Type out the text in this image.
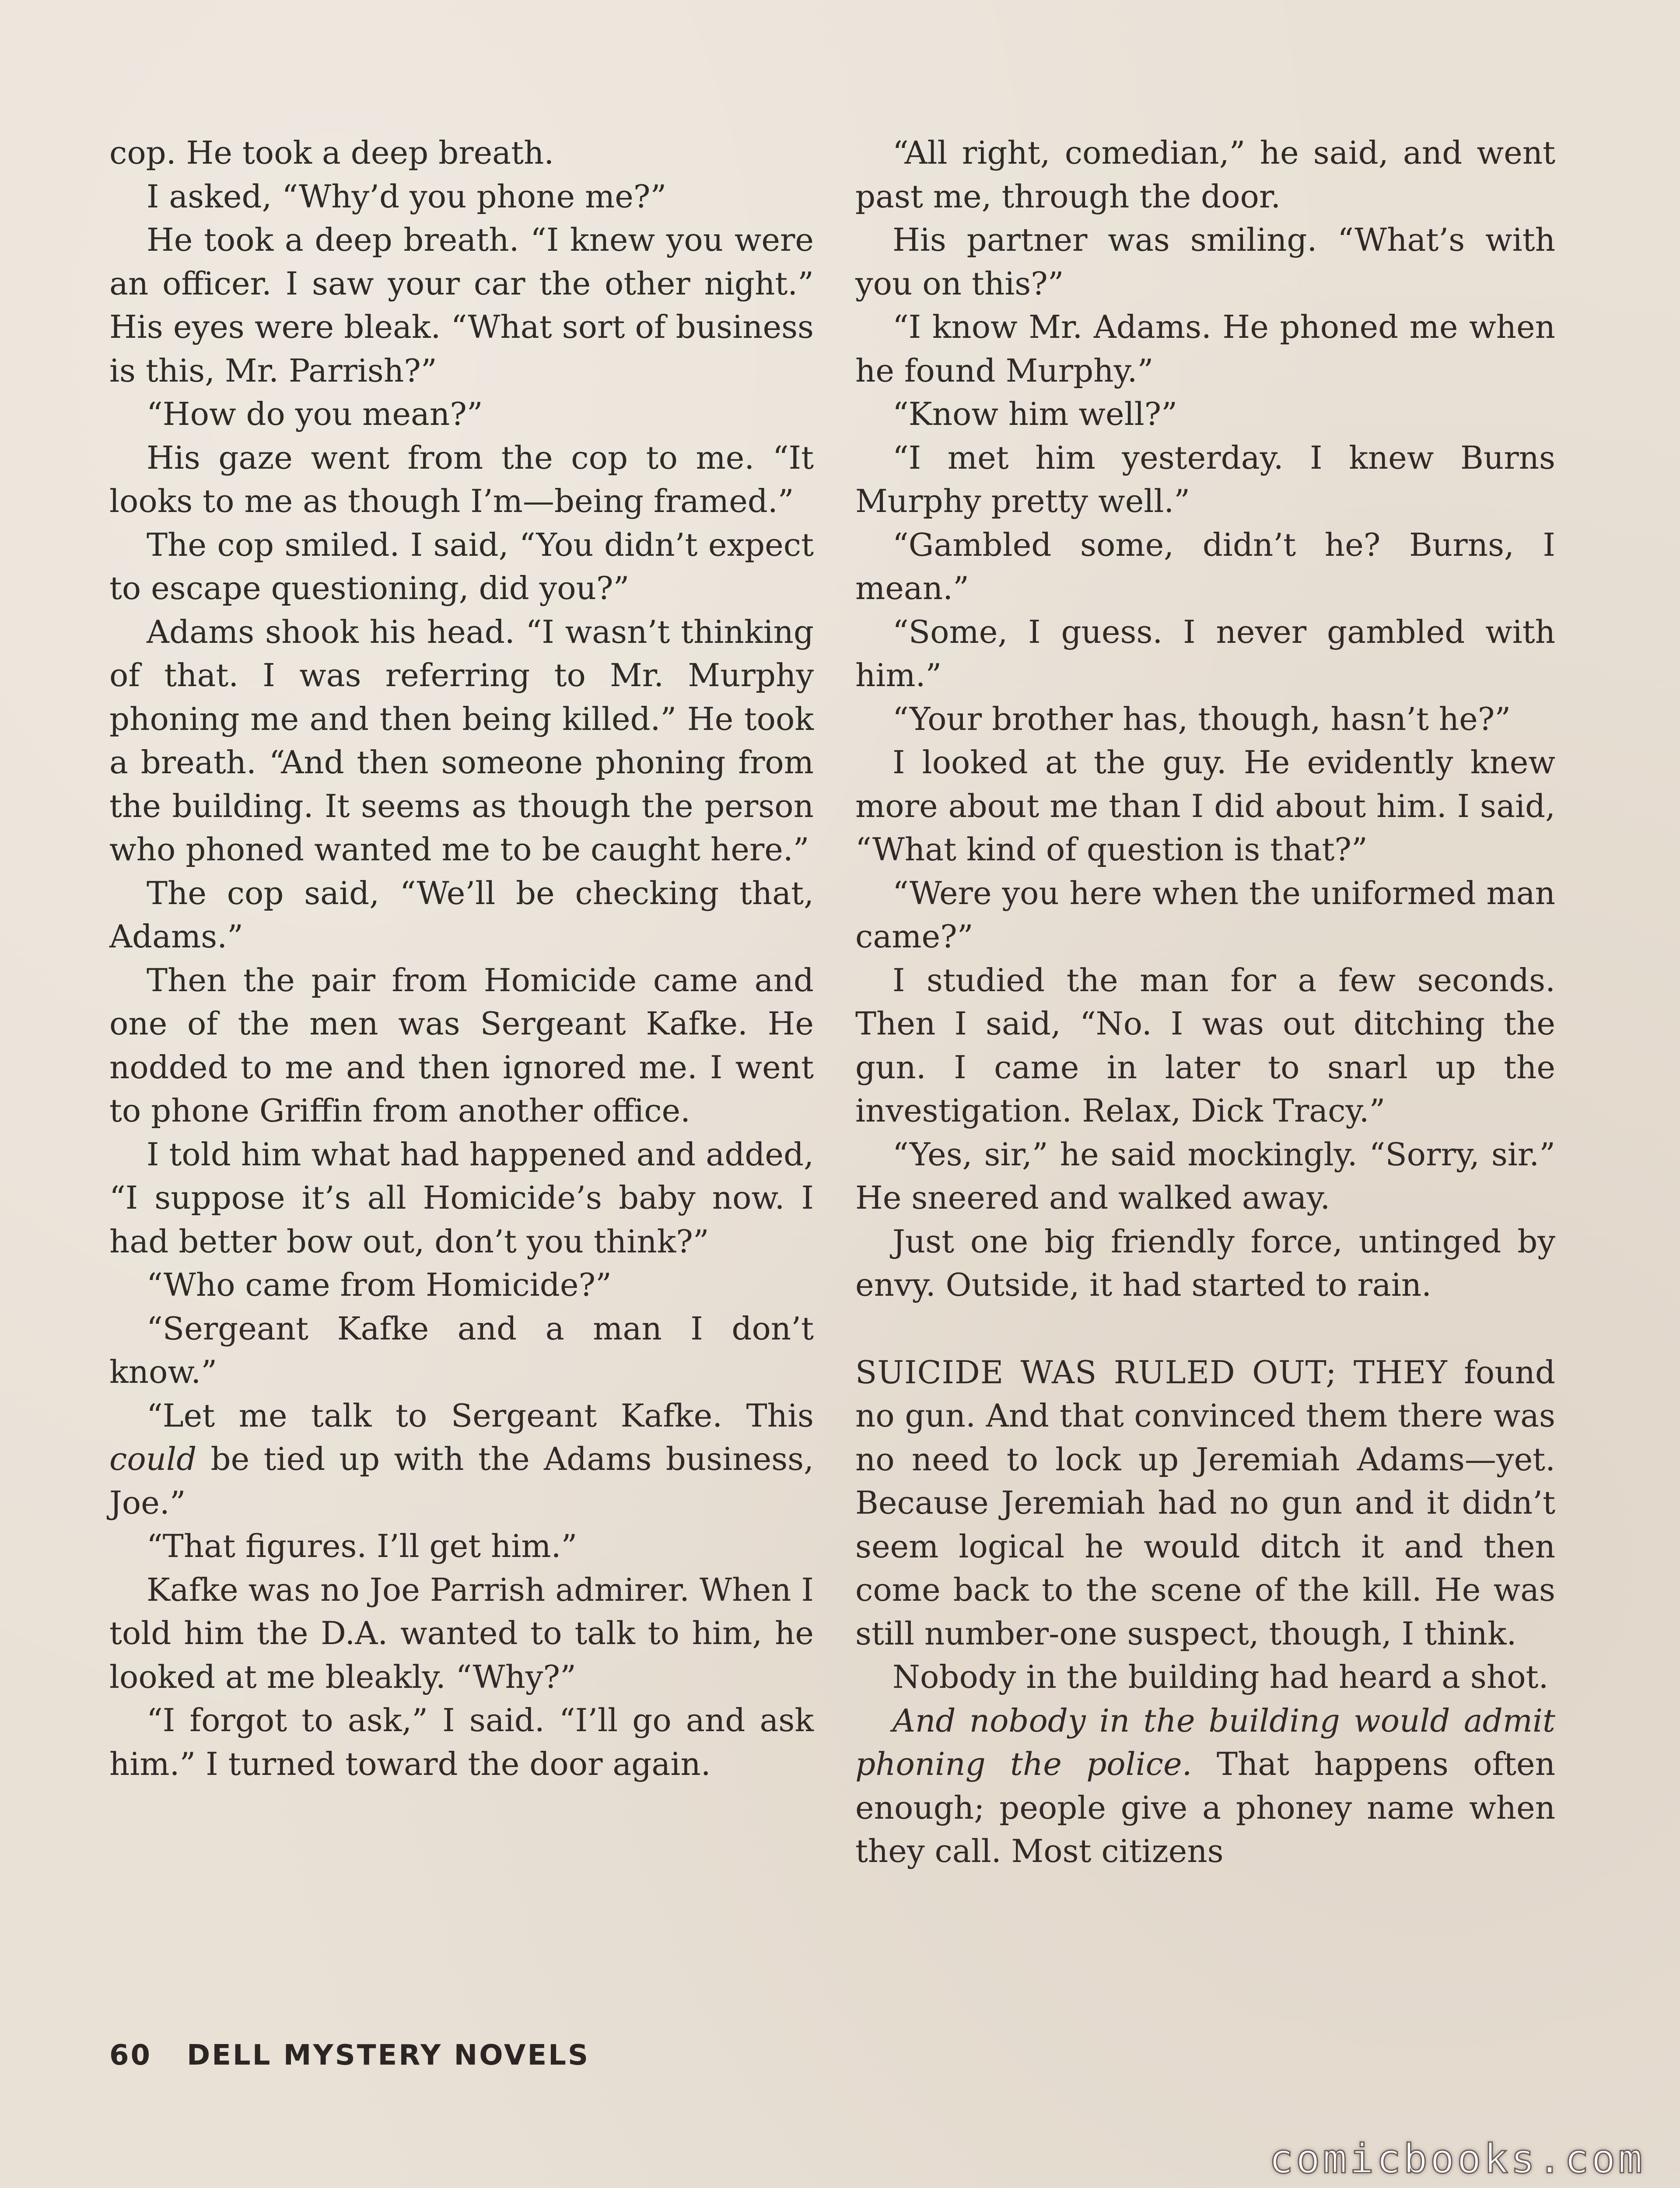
cop. He took a deep breath.

I asked, “Why’d you phone me?”

He took a deep breath. “I knew you were an officer. I saw your car the other night.” His eyes were bleak. “What sort of business is this, Mr. Parrish?”

“How do you mean?”

His gaze went from the cop to me. “It looks to me as though I’m—being framed.”

The cop smiled. I said, “You didn’t expect to escape questioning, did you?”

Adams shook his head. “I wasn’t thinking of that. I was referring to Mr. Murphy phoning me and then being killed.” He took a breath. “And then someone phoning from the building. It seems as though the person who phoned wanted me to be caught here.”

The cop said, “We’ll be checking that, Adams.”

Then the pair from Homicide came and one of the men was Sergeant Kafke. He nodded to me and then ignored me. I went to phone Griffin from another office.

I told him what had happened and added, “I suppose it’s all Homicide’s baby now. I had better bow out, don’t you think?”

“Who came from Homicide?”

“Sergeant Kafke and a man I don’t know.”

“Let me talk to Sergeant Kafke. This could be tied up with the Adams business, Joe.”

“That figures. I’ll get him.”

Kafke was no Joe Parrish admirer. When I told him the D.A. wanted to talk to him, he looked at me bleakly. “Why?”

“I forgot to ask,” I said. “I’ll go and ask him.” I turned toward the door again.

“All right, comedian,” he said, and went past me, through the door.

His partner was smiling. “What’s with you on this?”

“I know Mr. Adams. He phoned me when he found Murphy.”

“Know him well?”

“I met him yesterday. I knew Burns Murphy pretty well.”

“Gambled some, didn’t he? Burns, I mean.”

“Some, I guess. I never gambled with him.”

“Your brother has, though, hasn’t he?”

I looked at the guy. He evidently knew more about me than I did about him. I said, “What kind of question is that?”

“Were you here when the uniformed man came?”

I studied the man for a few seconds. Then I said, “No. I was out ditching the gun. I came in later to snarl up the investigation. Relax, Dick Tracy.”

“Yes, sir,” he said mockingly. “Sorry, sir.” He sneered and walked away.

Just one big friendly force, untinged by envy. Outside, it had started to rain.

SUICIDE WAS RULED OUT; THEY found no gun. And that convinced them there was no need to lock up Jeremiah Adams—yet. Because Jeremiah had no gun and it didn’t seem logical he would ditch it and then come back to the scene of the kill. He was still number-one suspect, though, I think.

Nobody in the building had heard a shot.

And nobody in the building would admit phoning the police. That happens often enough; people give a phoney name when they call. Most citizens

60 DELL MYSTERY NOVELS
comicbooks.com
